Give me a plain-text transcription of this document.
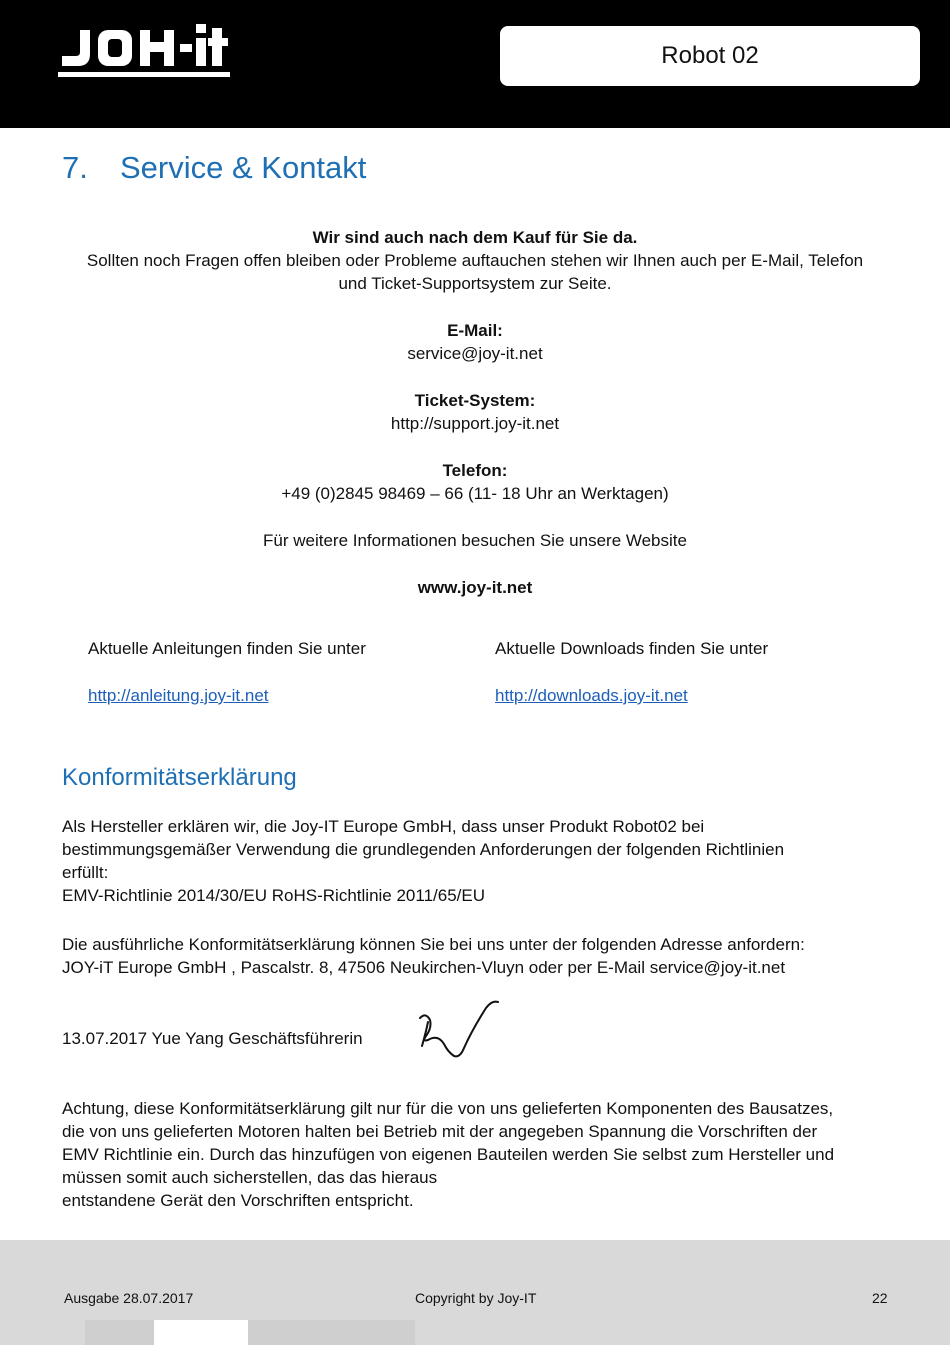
Robot 02
7. Service & Kontakt
Wir sind auch nach dem Kauf für Sie da.
Sollten noch Fragen offen bleiben oder Probleme auftauchen stehen wir Ihnen auch per E-Mail, Telefon
und Ticket-Supportsystem zur Seite.
E-Mail:
service@joy-it.net
Ticket-System:
http://support.joy-it.net
Telefon:
+49 (0)2845 98469 – 66 (11- 18 Uhr an Werktagen)
Für weitere Informationen besuchen Sie unsere Website
www.joy-it.net
Aktuelle Anleitungen finden Sie unter
http://anleitung.joy-it.net
Aktuelle Downloads finden Sie unter
http://downloads.joy-it.net
Konformitätserklärung
Als Hersteller erklären wir, die Joy-IT Europe GmbH, dass unser Produkt Robot02 bei
bestimmungsgemäßer Verwendung die grundlegenden Anforderungen der folgenden Richtlinien
erfüllt:
EMV-Richtlinie 2014/30/EU RoHS-Richtlinie 2011/65/EU
Die ausführliche Konformitätserklärung können Sie bei uns unter der folgenden Adresse anfordern:
JOY-iT Europe GmbH , Pascalstr. 8, 47506 Neukirchen-Vluyn oder per E-Mail service@joy-it.net
13.07.2017 Yue Yang Geschäftsführerin
Achtung, diese Konformitätserklärung gilt nur für die von uns gelieferten Komponenten des Bausatzes,
die von uns gelieferten Motoren halten bei Betrieb mit der angegeben Spannung die Vorschriften der
EMV Richtlinie ein. Durch das hinzufügen von eigenen Bauteilen werden Sie selbst zum Hersteller und
müssen somit auch sicherstellen, das das hieraus
entstandene Gerät den Vorschriften entspricht.
Ausgabe 28.07.2017	Copyright by Joy-IT	22
